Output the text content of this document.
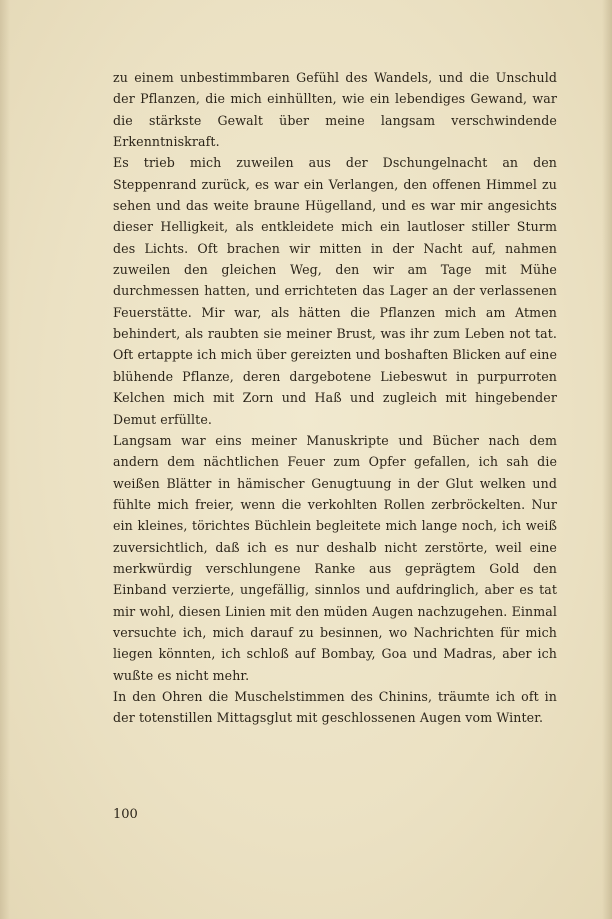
zu einem unbestimmbaren Gefühl des Wandels, und die Unschuld der Pflanzen, die mich einhüllten, wie ein lebendiges Gewand, war die stärkste Gewalt über meine langsam verschwindende Erkenntniskraft.

Es trieb mich zuweilen aus der Dschungelnacht an den Steppenrand zurück, es war ein Verlangen, den offenen Himmel zu sehen und das weite braune Hügelland, und es war mir angesichts dieser Helligkeit, als entkleidete mich ein lautloser stiller Sturm des Lichts. Oft brachen wir mitten in der Nacht auf, nahmen zuweilen den gleichen Weg, den wir am Tage mit Mühe durchmessen hatten, und errichteten das Lager an der verlassenen Feuerstätte. Mir war, als hätten die Pflanzen mich am Atmen behindert, als raubten sie meiner Brust, was ihr zum Leben not tat. Oft ertappte ich mich über gereizten und boshaften Blicken auf eine blühende Pflanze, deren dargebotene Liebeswut in purpurroten Kelchen mich mit Zorn und Haß und zugleich mit hingebender Demut erfüllte.

Langsam war eins meiner Manuskripte und Bücher nach dem andern dem nächtlichen Feuer zum Opfer gefallen, ich sah die weißen Blätter in hämischer Genugtuung in der Glut welken und fühlte mich freier, wenn die verkohlten Rollen zerbröckelten. Nur ein kleines, törichtes Büchlein begleitete mich lange noch, ich weiß zuversichtlich, daß ich es nur deshalb nicht zerstörte, weil eine merkwürdig verschlungene Ranke aus geprägtem Gold den Einband verzierte, ungefällig, sinnlos und aufdringlich, aber es tat mir wohl, diesen Linien mit den müden Augen nachzugehen. Einmal versuchte ich, mich darauf zu besinnen, wo Nachrichten für mich liegen könnten, ich schloß auf Bombay, Goa und Madras, aber ich wußte es nicht mehr.

In den Ohren die Muschelstimmen des Chinins, träumte ich oft in der totenstillen Mittagsglut mit geschlossenen Augen vom Winter.

100
